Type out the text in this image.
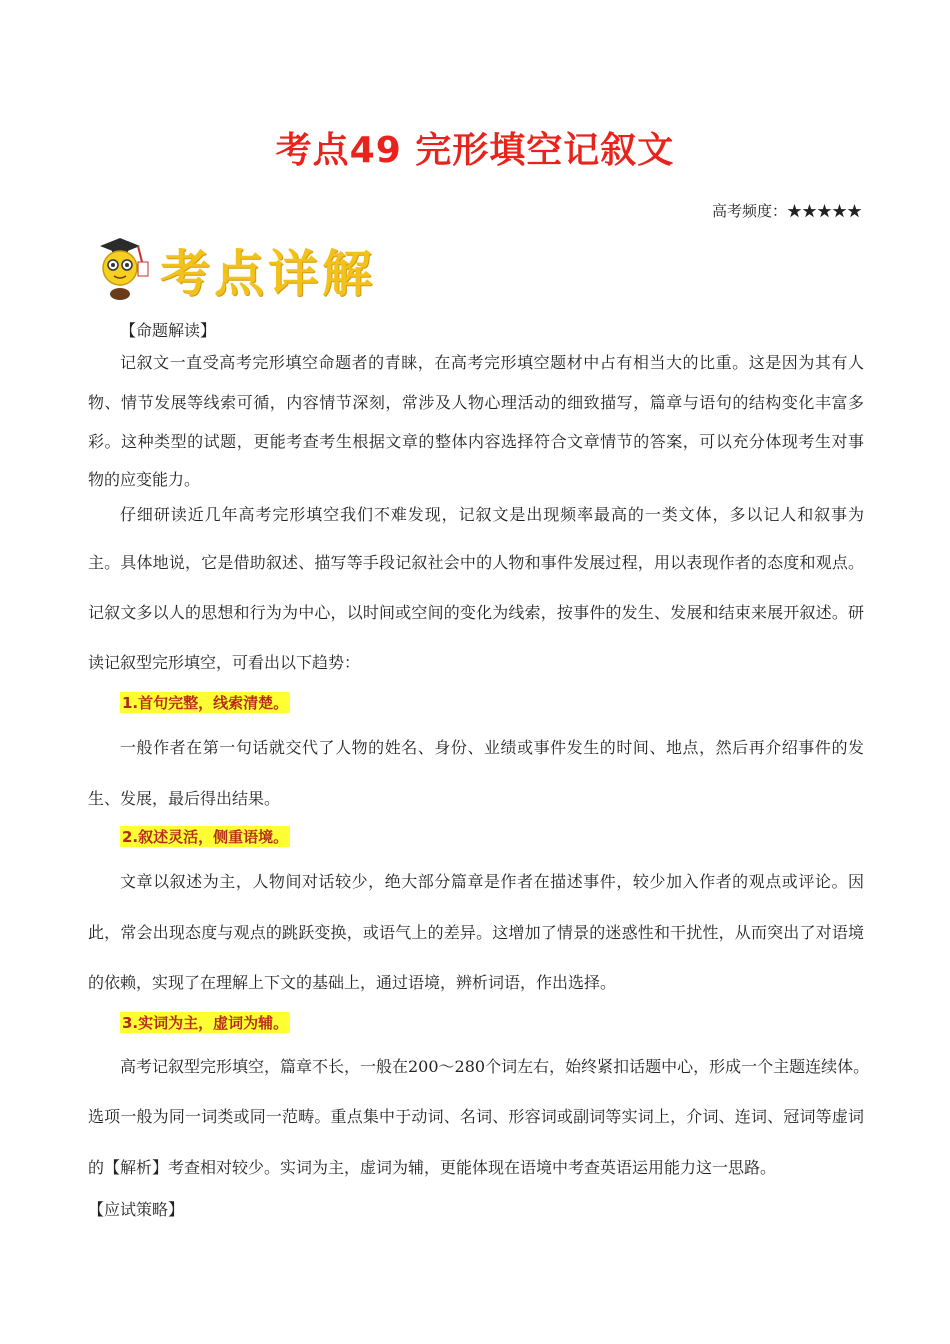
考点49 完形填空记叙文
高考频度：★★★★★
考点详解
【命题解读】
记叙文一直受高考完形填空命题者的青睐，在高考完形填空题材中占有相当大的比重。这是因为其有人
物、情节发展等线索可循，内容情节深刻，常涉及人物心理活动的细致描写，篇章与语句的结构变化丰富多
彩。这种类型的试题，更能考查考生根据文章的整体内容选择符合文章情节的答案，可以充分体现考生对事
物的应变能力。
仔细研读近几年高考完形填空我们不难发现，记叙文是出现频率最高的一类文体，多以记人和叙事为
主。具体地说，它是借助叙述、描写等手段记叙社会中的人物和事件发展过程，用以表现作者的态度和观点。
记叙文多以人的思想和行为为中心，以时间或空间的变化为线索，按事件的发生、发展和结束来展开叙述。研
读记叙型完形填空，可看出以下趋势：
1.首句完整，线索清楚。
一般作者在第一句话就交代了人物的姓名、身份、业绩或事件发生的时间、地点，然后再介绍事件的发
生、发展，最后得出结果。
2.叙述灵活，侧重语境。
文章以叙述为主，人物间对话较少，绝大部分篇章是作者在描述事件，较少加入作者的观点或评论。因
此，常会出现态度与观点的跳跃变换，或语气上的差异。这增加了情景的迷惑性和干扰性，从而突出了对语境
的依赖，实现了在理解上下文的基础上，通过语境，辨析词语，作出选择。
3.实词为主，虚词为辅。
高考记叙型完形填空，篇章不长，一般在200～280个词左右，始终紧扣话题中心，形成一个主题连续体。
选项一般为同一词类或同一范畴。重点集中于动词、名词、形容词或副词等实词上，介词、连词、冠词等虚词
的【解析】考查相对较少。实词为主，虚词为辅，更能体现在语境中考查英语运用能力这一思路。
【应试策略】
